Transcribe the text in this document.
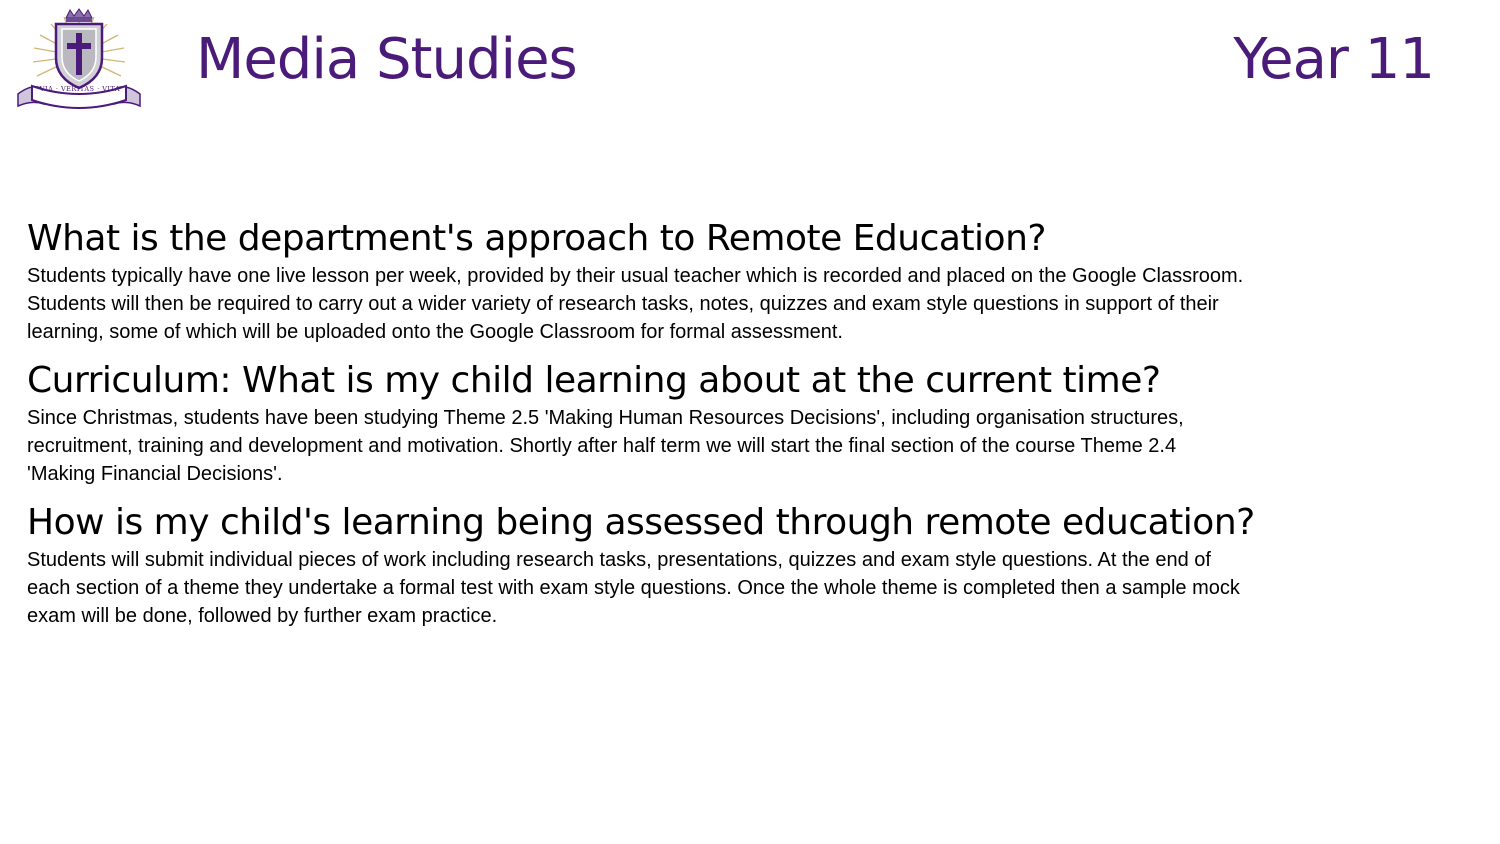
VIA · VERITAS · VITA Media Studies	Year 11
What is the department's approach to Remote Education?

Students typically have one live lesson per week, provided by their usual teacher which is recorded and placed on the Google Classroom.
Students will then be required to carry out a wider variety of research tasks, notes, quizzes and exam style questions in support of their
learning, some of which will be uploaded onto the Google Classroom for formal assessment.

Curriculum: What is my child learning about at the current time?

Since Christmas, students have been studying Theme 2.5 'Making Human Resources Decisions', including organisation structures,
recruitment, training and development and motivation. Shortly after half term we will start the final section of the course Theme 2.4
'Making Financial Decisions'.

How is my child's learning being assessed through remote education?

Students will submit individual pieces of work including research tasks, presentations, quizzes and exam style questions. At the end of
each section of a theme they undertake a formal test with exam style questions. Once the whole theme is completed then a sample mock
exam will be done, followed by further exam practice.
